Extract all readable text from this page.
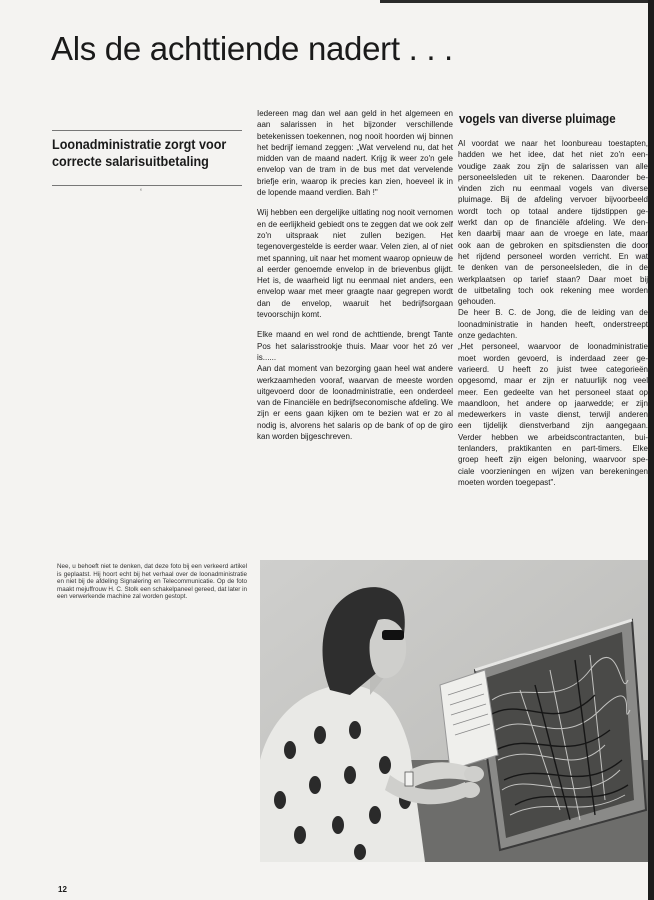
Als de achttiende nadert . . .
Loonadministratie zorgt voor correcte salarisuitbetaling
ʻ

Iedereen mag dan wel aan geld in het algemeen en aan salarissen in het bijzonder verschillende betekenissen toekennen, nog nooit hoorden wij binnen het bedrijf iemand zeggen: „Wat vervelend nu, dat het midden van de maand nadert. Krijg ik weer zo'n gele envelop van de tram in de bus met dat vervelende briefje erin, waarop ik precies kan zien, hoeveel ik in de lopende maand verdien. Bah !"

Wij hebben een dergelijke uitlating nog nooit vernomen en de eerlijkheid gebiedt ons te zeggen dat we ook zelf zo'n uitspraak niet zullen bezigen. Het tegenovergestelde is eerder waar. Velen zien, al of niet met spanning, uit naar het moment waarop opnieuw de al eerder genoemde envelop in de brievenbus glijdt. Het is, de waarheid ligt nu eenmaal niet anders, een envelop waar met meer graagte naar gegrepen wordt dan de envelop, waaruit het bedrijfsorgaan tevoorschijn komt.

Elke maand en wel rond de achttiende, brengt Tante Pos het salarisstrookje thuis. Maar voor het zó ver is......

Aan dat moment van bezorging gaan heel wat andere werkzaamheden vooraf, waarvan de meeste worden uitgevoerd door de loonadministratie, een onderdeel van de Financiële en bedrijfseconomische afdeling. We zijn er eens gaan kijken om te bezien wat er zo al nodig is, alvorens het salaris op de bank of op de giro kan worden bijgeschreven.

vogels van diverse pluimage

Al voordat we naar het loonbureau toestapten,
hadden we het idee, dat het niet zo'n een-
voudige zaak zou zijn de salarissen van alle
personeelsleden uit te rekenen. Daaronder be-
vinden zich nu eenmaal vogels van diverse
pluimage. Bij de afdeling vervoer bijvoorbeeld
wordt toch op totaal andere tijdstippen ge-
werkt dan op de financiële afdeling. We den-
ken daarbij maar aan de vroege en late, maar
ook aan de gebroken en spitsdiensten die door
het rijdend personeel worden verricht. En wat
te denken van de personeelsleden, die in de
werkplaatsen op tarief staan? Daar moet bij
de uitbetaling toch ook rekening mee worden
gehouden.
De heer B. C. de Jong, die de leiding van de
loonadministratie in handen heeft, onderstreept
onze gedachten.
„Het personeel, waarvoor de loonadministratie
moet worden gevoerd, is inderdaad zeer ge-
varieerd. U heeft zo juist twee categorieën
opgesomd, maar er zijn er natuurlijk nog veel
meer. Een gedeelte van het personeel staat op
maandloon, het andere op jaarwedde; er zijn
medewerkers in vaste dienst, terwijl anderen
een tijdelijk dienstverband zijn aangegaan.
Verder hebben we arbeidscontractanten, bui-
tenlanders, praktikanten en part-timers. Elke
groep heeft zijn eigen beloning, waarvoor spe-
ciale voorzieningen en wijzen van berekeningen
moeten worden toegepast".

Nee, u behoeft niet te denken, dat deze foto bij een verkeerd artikel is geplaatst. Hij hoort echt bij het verhaal over de loonadministratie en niet bij de afdeling Signalering en Telecommunicatie. Op de foto maakt mejuffrouw H. C. Stolk een schakelpaneel gereed, dat later in een verwerkende machine zal worden gestopt.

12
